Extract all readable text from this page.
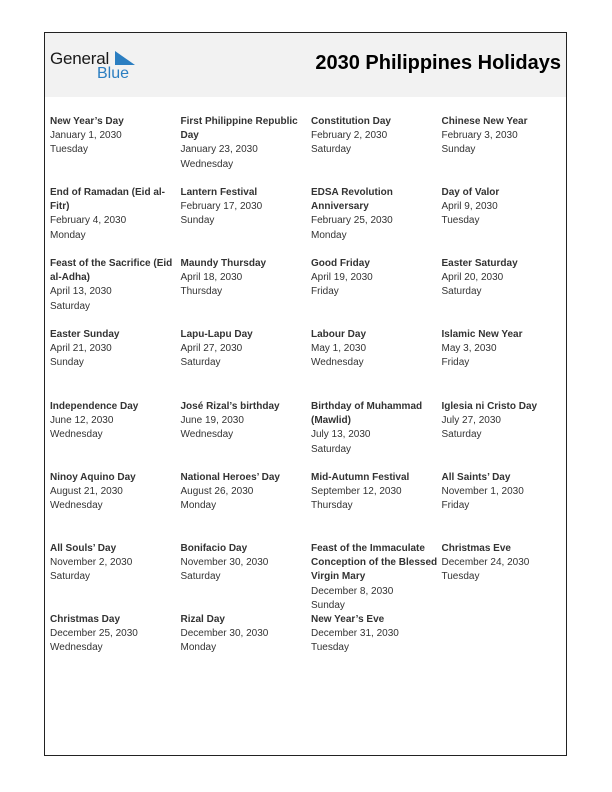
General
Blue	2030 Philippines Holidays
New Year’s Day
January 1, 2030
Tuesday
First Philippine Republic Day
January 23, 2030
Wednesday
Constitution Day
February 2, 2030
Saturday
Chinese New Year
February 3, 2030
Sunday
End of Ramadan (Eid al-Fitr)
February 4, 2030
Monday
Lantern Festival
February 17, 2030
Sunday
EDSA Revolution Anniversary
February 25, 2030
Monday
Day of Valor
April 9, 2030
Tuesday
Feast of the Sacrifice (Eid al-Adha)
April 13, 2030
Saturday
Maundy Thursday
April 18, 2030
Thursday
Good Friday
April 19, 2030
Friday
Easter Saturday
April 20, 2030
Saturday
Easter Sunday
April 21, 2030
Sunday
Lapu-Lapu Day
April 27, 2030
Saturday
Labour Day
May 1, 2030
Wednesday
Islamic New Year
May 3, 2030
Friday
Independence Day
June 12, 2030
Wednesday
José Rizal’s birthday
June 19, 2030
Wednesday
Birthday of Muhammad (Mawlid)
July 13, 2030
Saturday
Iglesia ni Cristo Day
July 27, 2030
Saturday
Ninoy Aquino Day
August 21, 2030
Wednesday
National Heroes’ Day
August 26, 2030
Monday
Mid-Autumn Festival
September 12, 2030
Thursday
All Saints’ Day
November 1, 2030
Friday
All Souls’ Day
November 2, 2030
Saturday
Bonifacio Day
November 30, 2030
Saturday
Feast of the Immaculate Conception of the Blessed Virgin Mary
December 8, 2030
Sunday
Christmas Eve
December 24, 2030
Tuesday
Christmas Day
December 25, 2030
Wednesday
Rizal Day
December 30, 2030
Monday
New Year’s Eve
December 31, 2030
Tuesday
